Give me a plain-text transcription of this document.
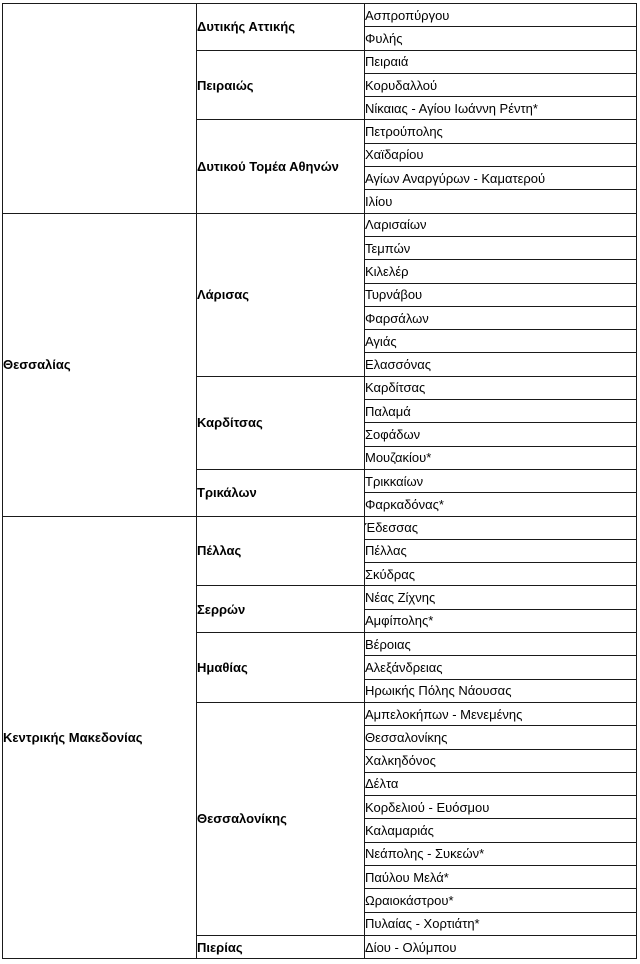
	Δυτικής Αττικής	Ασπροπύργου
		Φυλής
	Πειραιώς	Πειραιά
		Κορυδαλλού
		Νίκαιας - Αγίου Ιωάννη Ρέντη*
	Δυτικού Τομέα Αθηνών	Πετρούπολης
		Χαϊδαρίου
		Αγίων Αναργύρων - Καματερού
		Ιλίου
Θεσσαλίας	Λάρισας	Λαρισαίων
		Τεμπών
		Κιλελέρ
		Τυρνάβου
		Φαρσάλων
		Αγιάς
		Ελασσόνας
	Καρδίτσας	Καρδίτσας
		Παλαμά
		Σοφάδων
		Μουζακίου*
	Τρικάλων	Τρικκαίων
		Φαρκαδόνας*
Κεντρικής Μακεδονίας	Πέλλας	Έδεσσας
		Πέλλας
		Σκύδρας
	Σερρών	Νέας Ζίχνης
		Αμφίπολης*
	Ημαθίας	Βέροιας
		Αλεξάνδρειας
		Ηρωικής Πόλης Νάουσας
	Θεσσαλονίκης	Αμπελοκήπων - Μενεμένης
		Θεσσαλονίκης
		Χαλκηδόνος
		Δέλτα
		Κορδελιού - Ευόσμου
		Καλαμαριάς
		Νεάπολης - Συκεών*
		Παύλου Μελά*
		Ωραιοκάστρου*
		Πυλαίας - Χορτιάτη*
	Πιερίας	Δίου - Ολύμπου
